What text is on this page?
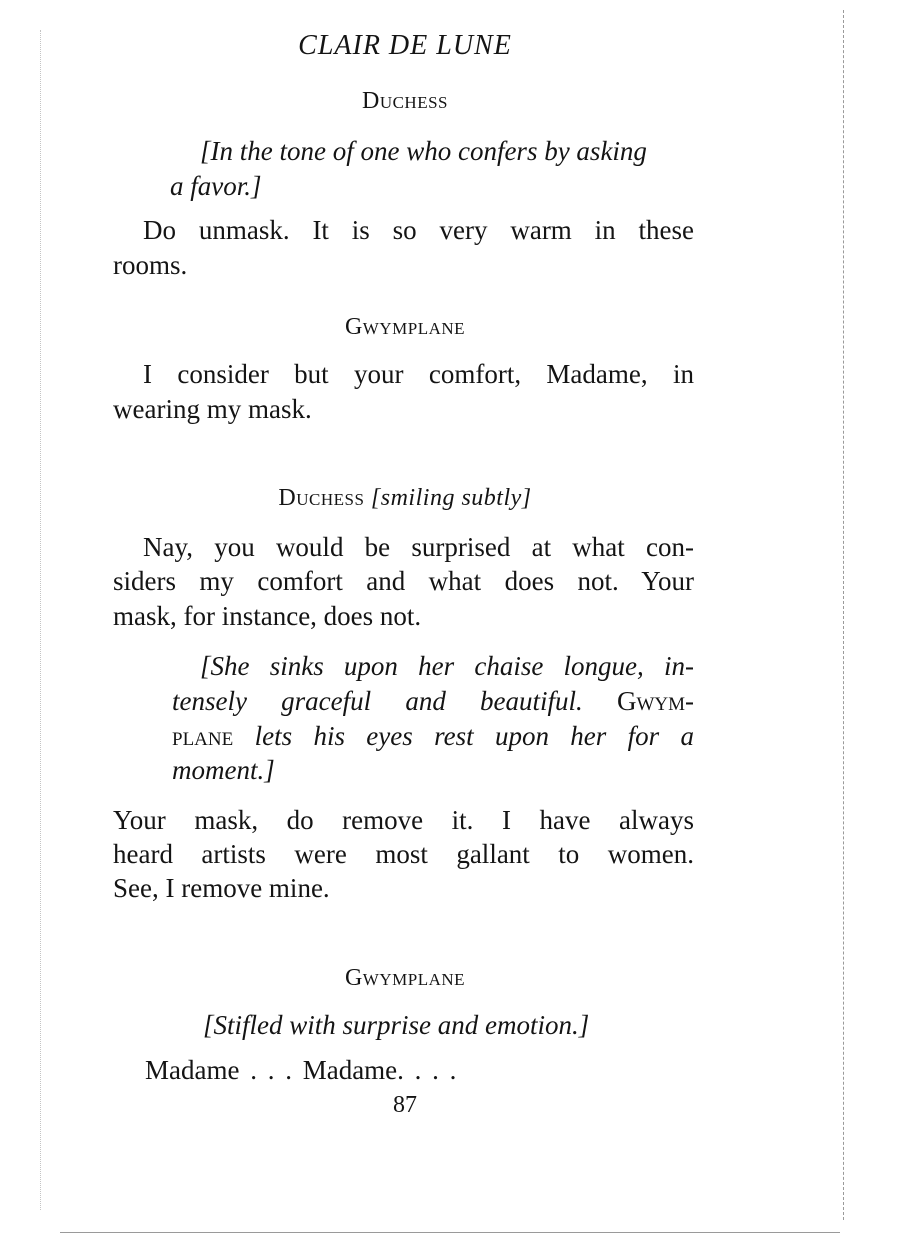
CLAIR DE LUNE
Duchess
[In the tone of one who confers by asking
a favor.]
Do unmask. It is so very warm in these
rooms.
Gwymplane
I consider but your comfort, Madame, in
wearing my mask.
Duchess [smiling subtly]
Nay, you would be surprised at what con-
siders my comfort and what does not. Your
mask, for instance, does not.
[She sinks upon her chaise longue, in-
tensely graceful and beautiful. Gwym-
plane lets his eyes rest upon her for a
moment.]
Your mask, do remove it. I have always
heard artists were most gallant to women.
See, I remove mine.
Gwymplane
[Stifled with surprise and emotion.]
Madame . . . Madame. . . .
87
